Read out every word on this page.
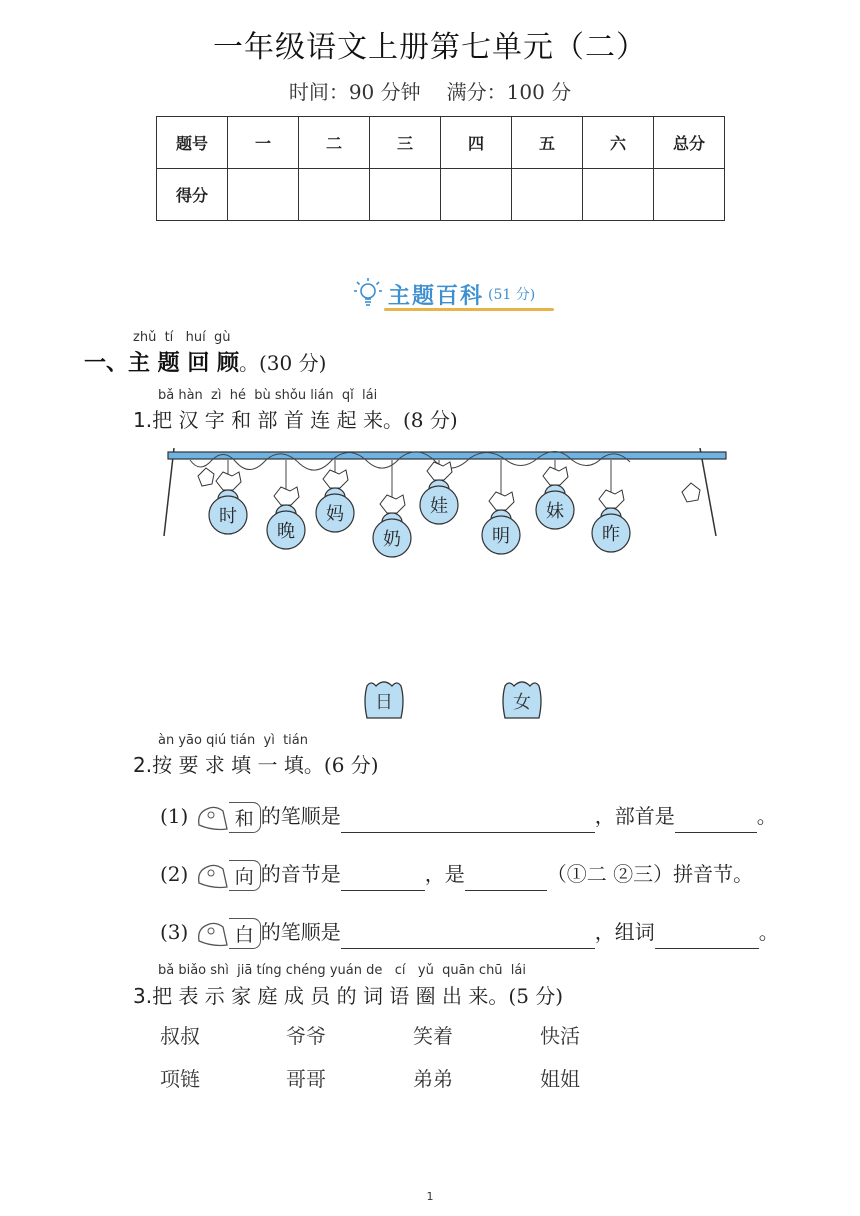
一年级语文上册第七单元（二）
时间：90 分钟 满分：100 分
题号	一	二	三	四	五	六	总分
得分							
主题百科 (51 分)
zhǔ  tí   huí  gù
一、主 题 回 顾。(30 分)
bǎ hàn  zì  hé  bù shǒu lián  qǐ  lái
1.把 汉 字 和 部 首 连 起 来。(8 分)
时
晚
妈
奶
娃
明
妹
昨
日	女
àn yāo qiú tián  yì  tián
2.按 要 求 填 一 填。(6 分)
(1)	和 的笔顺是	，部首是	。
(2)	向 的音节是	，是	（①二 ②三）拼音节。
(3)	白 的笔顺是	，组词	。
bǎ biǎo shì  jiā tíng chéng yuán de   cí   yǔ  quān chū  lái
3.把 表 示 家 庭 成 员 的 词 语 圈 出 来。(5 分)
叔叔	爷爷	笑着	快活
项链	哥哥	弟弟	姐姐
1
